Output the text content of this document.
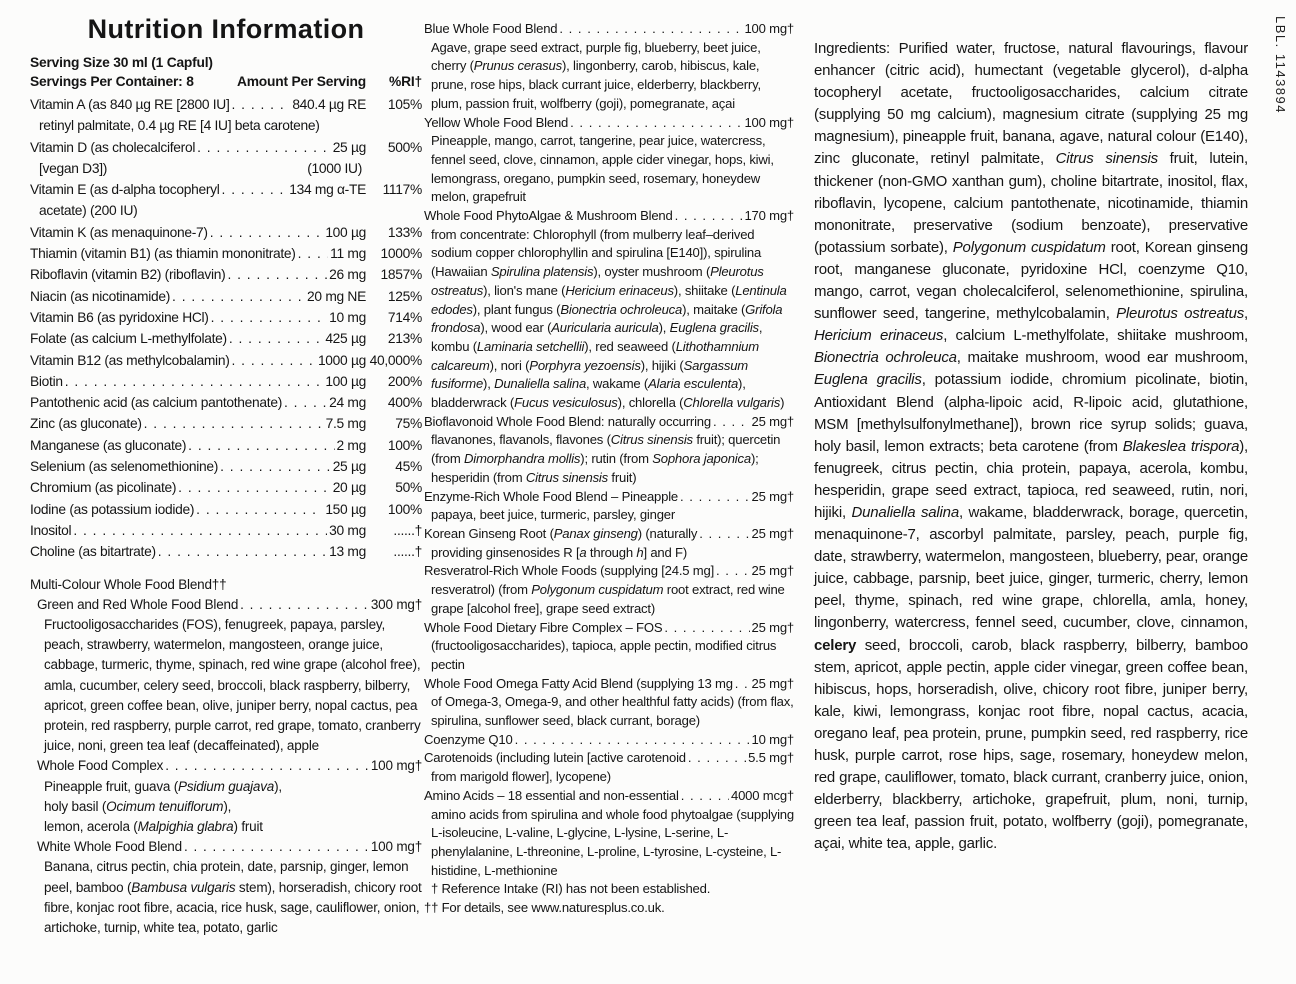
Nutrition Information
Serving Size 30 ml (1 Capful)
Servings Per Container: 8	Amount Per Serving	%RI†
Vitamin A (as 840 µg RE [2800 IU] . . .	840.4 µg RE	105%
retinyl palmitate, 0.4 µg RE [4 IU] beta carotene)
Vitamin D (as cholecalciferol . . .	25 µg	500%
[vegan D3])	(1000 IU)
Vitamin E (as d-alpha tocopheryl . . .	134 mg α-TE	1117%
acetate) (200 IU)
Vitamin K (as menaquinone-7) . . .	100 µg	133%
Thiamin (vitamin B1) (as thiamin mononitrate) . . .	11 mg	1000%
Riboflavin (vitamin B2) (riboflavin) . . .	26 mg	1857%
Niacin (as nicotinamide) . . .	20 mg NE	125%
Vitamin B6 (as pyridoxine HCl) . . .	10 mg	714%
Folate (as calcium L-methylfolate) . . .	425 µg	213%
Vitamin B12 (as methylcobalamin) . . .	1000 µg 40,000%
Biotin . . .	100 µg	200%
Pantothenic acid (as calcium pantothenate) . . .	24 mg	400%
Zinc (as gluconate) . . .	7.5 mg	75%
Manganese (as gluconate) . . .	2 mg	100%
Selenium (as selenomethionine) . . .	25 µg	45%
Chromium (as picolinate) . . .	20 µg	50%
Iodine (as potassium iodide) . . .	150 µg	100%
Inositol . . .	30 mg	......†
Choline (as bitartrate) . . .	13 mg	......†
Multi-Colour Whole Food Blend††
Green and Red Whole Food Blend . . .	300 mg†
Fructooligosaccharides (FOS), fenugreek, papaya, parsley, peach, strawberry, watermelon, mangosteen, orange juice, cabbage, turmeric, thyme, spinach, red wine grape (alcohol free), amla, cucumber, celery seed, broccoli, black raspberry, bilberry, apricot, green coffee bean, olive, juniper berry, nopal cactus, pea protein, red raspberry, purple carrot, red grape, tomato, cranberry juice, noni, green tea leaf (decaffeinated), apple
Whole Food Complex . . .	100 mg†
Pineapple fruit, guava (Psidium guajava),
holy basil (Ocimum tenuiflorum),
lemon, acerola (Malpighia glabra) fruit
White Whole Food Blend . . .	100 mg†
Banana, citrus pectin, chia protein, date, parsnip, ginger, lemon peel, bamboo (Bambusa vulgaris stem), horseradish, chicory root fibre, konjac root fibre, acacia, rice husk, sage, cauliflower, onion, artichoke, turnip, white tea, potato, garlic
Blue Whole Food Blend . . .	100 mg†
Agave, grape seed extract, purple fig, blueberry, beet juice, cherry (Prunus cerasus), lingonberry, carob, hibiscus, kale, prune, rose hips, black currant juice, elderberry, blackberry, plum, passion fruit, wolfberry (goji), pomegranate, açai
Yellow Whole Food Blend . . .	100 mg†
Pineapple, mango, carrot, tangerine, pear juice, watercress, fennel seed, clove, cinnamon, apple cider vinegar, hops, kiwi, lemongrass, oregano, pumpkin seed, rosemary, honeydew melon, grapefruit
Whole Food PhytoAlgae & Mushroom Blend . . .	170 mg†
from concentrate: Chlorophyll (from mulberry leaf–derived sodium copper chlorophyllin and spirulina [E140]), spirulina (Hawaiian Spirulina platensis), oyster mushroom (Pleurotus ostreatus), lion's mane (Hericium erinaceus), shiitake (Lentinula edodes), plant fungus (Bionectria ochroleuca), maitake (Grifola frondosa), wood ear (Auricularia auricula), Euglena gracilis, kombu (Laminaria setchellii), red seaweed (Lithothamnium calcareum), nori (Porphyra yezoensis), hijiki (Sargassum fusiforme), Dunaliella salina, wakame (Alaria esculenta), bladderwrack (Fucus vesiculosus), chlorella (Chlorella vulgaris)
Bioflavonoid Whole Food Blend: naturally occurring . . .	25 mg†
flavanones, flavanols, flavones (Citrus sinensis fruit); quercetin (from Dimorphandra mollis); rutin (from Sophora japonica); hesperidin (from Citrus sinensis fruit)
Enzyme-Rich Whole Food Blend – Pineapple . . .	25 mg†
papaya, beet juice, turmeric, parsley, ginger
Korean Ginseng Root (Panax ginseng) (naturally . . .	25 mg†
providing ginsenosides R [a through h] and F)
Resveratrol-Rich Whole Foods (supplying [24.5 mg] . . .	25 mg†
resveratrol) (from Polygonum cuspidatum root extract, red wine grape [alcohol free], grape seed extract)
Whole Food Dietary Fibre Complex – FOS . . .	25 mg†
(fructooligosaccharides), tapioca, apple pectin, modified citrus pectin
Whole Food Omega Fatty Acid Blend (supplying 13 mg . . . 25 mg†
of Omega-3, Omega-9, and other healthful fatty acids) (from flax, spirulina, sunflower seed, black currant, borage)
Coenzyme Q10 . . .	10 mg†
Carotenoids (including lutein [active carotenoid . . .	5.5 mg†
from marigold flower], lycopene)
Amino Acids – 18 essential and non-essential . . .	4000 mcg†
amino acids from spirulina and whole food phytoalgae (supplying L-isoleucine, L-valine, L-glycine, L-lysine, L-serine, L-phenylalanine, L-threonine, L-proline, L-tyrosine, L-cysteine, L-histidine, L-methionine
† Reference Intake (RI) has not been established.
†† For details, see www.naturesplus.co.uk.

Ingredients: Purified water, fructose, natural flavourings, flavour enhancer (citric acid), humectant (vegetable glycerol), d-alpha tocopheryl acetate, fructooligosaccharides, calcium citrate (supplying 50 mg calcium), magnesium citrate (supplying 25 mg magnesium), pineapple fruit, banana, agave, natural colour (E140), zinc gluconate, retinyl palmitate, Citrus sinensis fruit, lutein, thickener (non-GMO xanthan gum), choline bitartrate, inositol, flax, riboflavin, lycopene, calcium pantothenate, nicotinamide, thiamin mononitrate, preservative (sodium benzoate), preservative (potassium sorbate), Polygonum cuspidatum root, Korean ginseng root, manganese gluconate, pyridoxine HCl, coenzyme Q10, mango, carrot, vegan cholecalciferol, selenomethionine, spirulina, sunflower seed, tangerine, methylcobalamin, Pleurotus ostreatus, Hericium erinaceus, calcium L-methylfolate, shiitake mushroom, Bionectria ochroleuca, maitake mushroom, wood ear mushroom, Euglena gracilis, potassium iodide, chromium picolinate, biotin, Antioxidant Blend (alpha-lipoic acid, R-lipoic acid, glutathione, MSM [methylsulfonylmethane]), brown rice syrup solids; guava, holy basil, lemon extracts; beta carotene (from Blakeslea trispora), fenugreek, citrus pectin, chia protein, papaya, acerola, kombu, hesperidin, grape seed extract, tapioca, red seaweed, rutin, nori, hijiki, Dunaliella salina, wakame, bladderwrack, borage, quercetin, menaquinone-7, ascorbyl palmitate, parsley, peach, purple fig, date, strawberry, watermelon, mangosteen, blueberry, pear, orange juice, cabbage, parsnip, beet juice, ginger, turmeric, cherry, lemon peel, thyme, spinach, red wine grape, chlorella, amla, honey, lingonberry, watercress, fennel seed, cucumber, clove, cinnamon, celery seed, broccoli, carob, black raspberry, bilberry, bamboo stem, apricot, apple pectin, apple cider vinegar, green coffee bean, hibiscus, hops, horseradish, olive, chicory root fibre, juniper berry, kale, kiwi, lemongrass, konjac root fibre, nopal cactus, acacia, oregano leaf, pea protein, prune, pumpkin seed, red raspberry, rice husk, purple carrot, rose hips, sage, rosemary, honeydew melon, red grape, cauliflower, tomato, black currant, cranberry juice, onion, elderberry, blackberry, artichoke, grapefruit, plum, noni, turnip, green tea leaf, passion fruit, potato, wolfberry (goji), pomegranate, açai, white tea, apple, garlic.

LBL. 1143894
